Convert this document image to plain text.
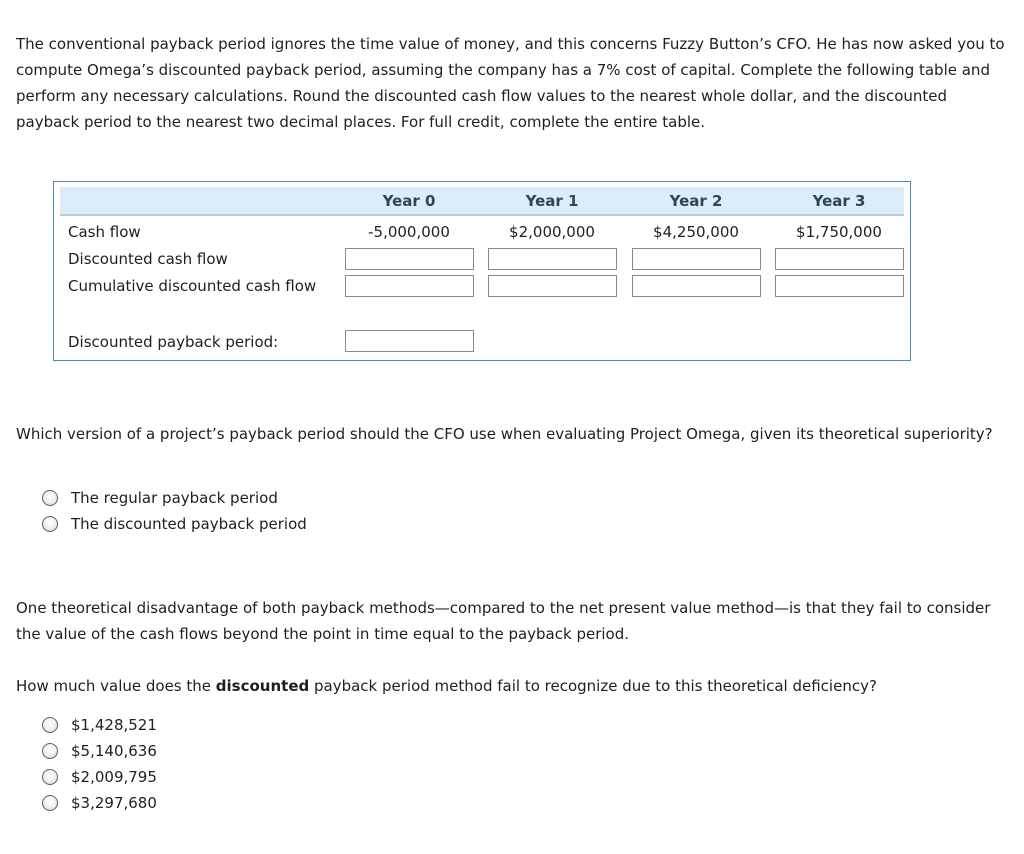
The conventional payback period ignores the time value of money, and this concerns Fuzzy Button’s CFO. He has now asked you to compute Omega’s discounted payback period, assuming the company has a 7% cost of capital. Complete the following table and perform any necessary calculations. Round the discounted cash flow values to the nearest whole dollar, and the discounted payback period to the nearest two decimal places. For full credit, complete the entire table.

Year 0	Year 1	Year 2	Year 3
Cash flow	-5,000,000	$2,000,000	$4,250,000	$1,750,000
Discounted cash flow
Cumulative discounted cash flow
Discounted payback period:

Which version of a project’s payback period should the CFO use when evaluating Project Omega, given its theoretical superiority?

The regular payback period
The discounted payback period

One theoretical disadvantage of both payback methods—compared to the net present value method—is that they fail to consider the value of the cash flows beyond the point in time equal to the payback period.

How much value does the discounted payback period method fail to recognize due to this theoretical deficiency?

$1,428,521
$5,140,636
$2,009,795
$3,297,680
